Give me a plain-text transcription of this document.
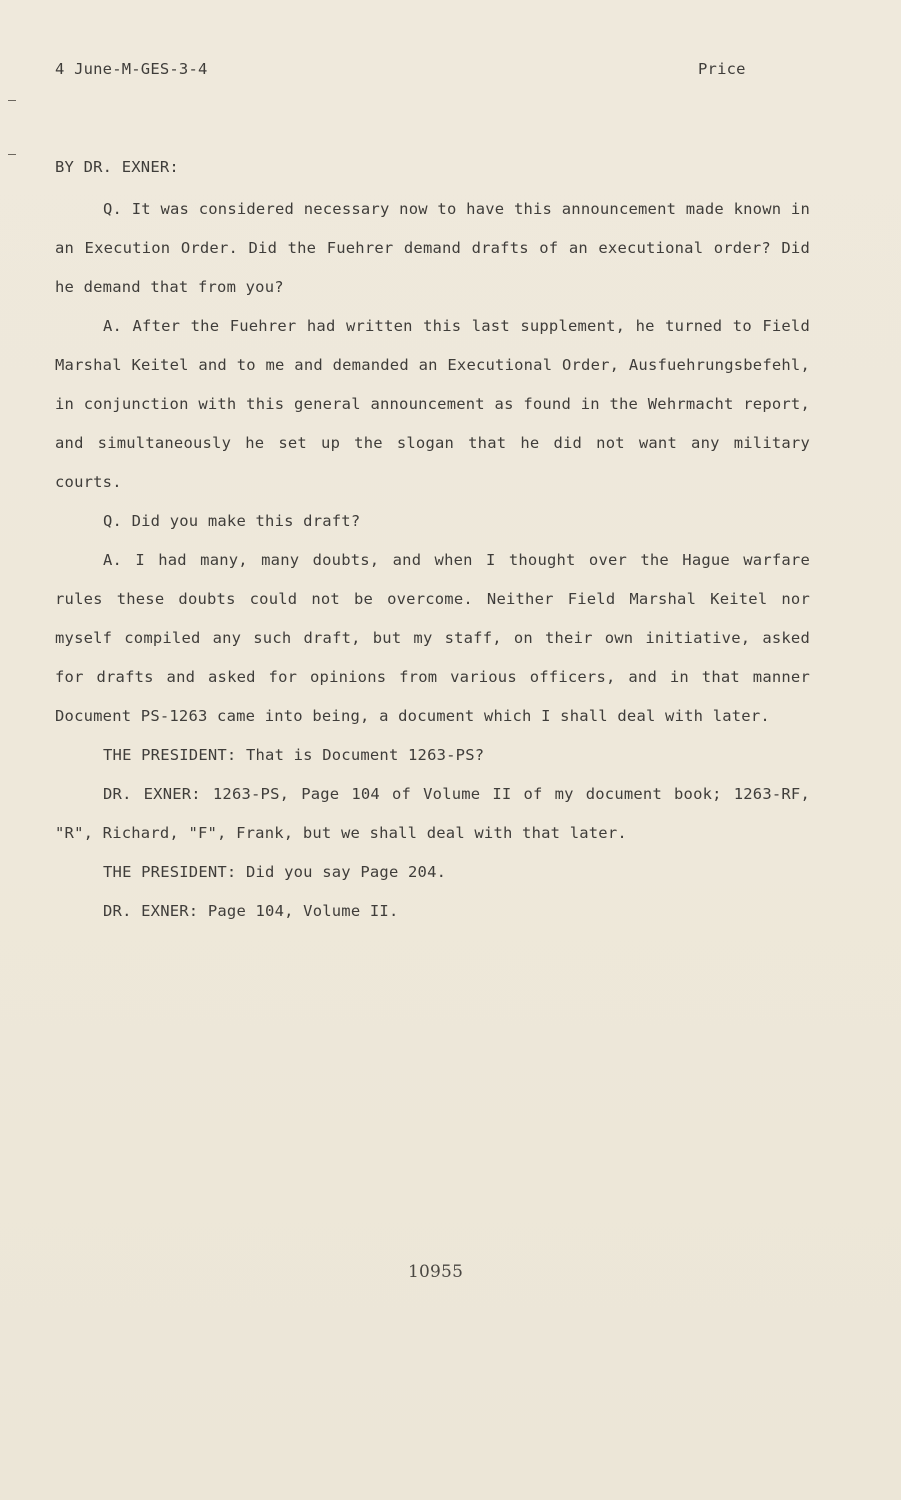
4 June-M-GES-3-4	Price
BY DR. EXNER:

Q. It was considered necessary now to have this announcement made known in an Execution Order. Did the Fuehrer demand drafts of an executional order? Did he demand that from you?

A. After the Fuehrer had written this last supplement, he turned to Field Marshal Keitel and to me and demanded an Executional Order, Ausfuehrungsbefehl, in conjunction with this general announcement as found in the Wehrmacht report, and simultaneously he set up the slogan that he did not want any military courts.

Q. Did you make this draft?

A. I had many, many doubts, and when I thought over the Hague warfare rules these doubts could not be overcome. Neither Field Marshal Keitel nor myself compiled any such draft, but my staff, on their own initiative, asked for drafts and asked for opinions from various officers, and in that manner Document PS-1263 came into being, a document which I shall deal with later.

THE PRESIDENT: That is Document 1263-PS?

DR. EXNER: 1263-PS, Page 104 of Volume II of my document book; 1263-RF, "R", Richard, "F", Frank, but we shall deal with that later.

THE PRESIDENT: Did you say Page 204.

DR. EXNER: Page 104, Volume II.

10955
